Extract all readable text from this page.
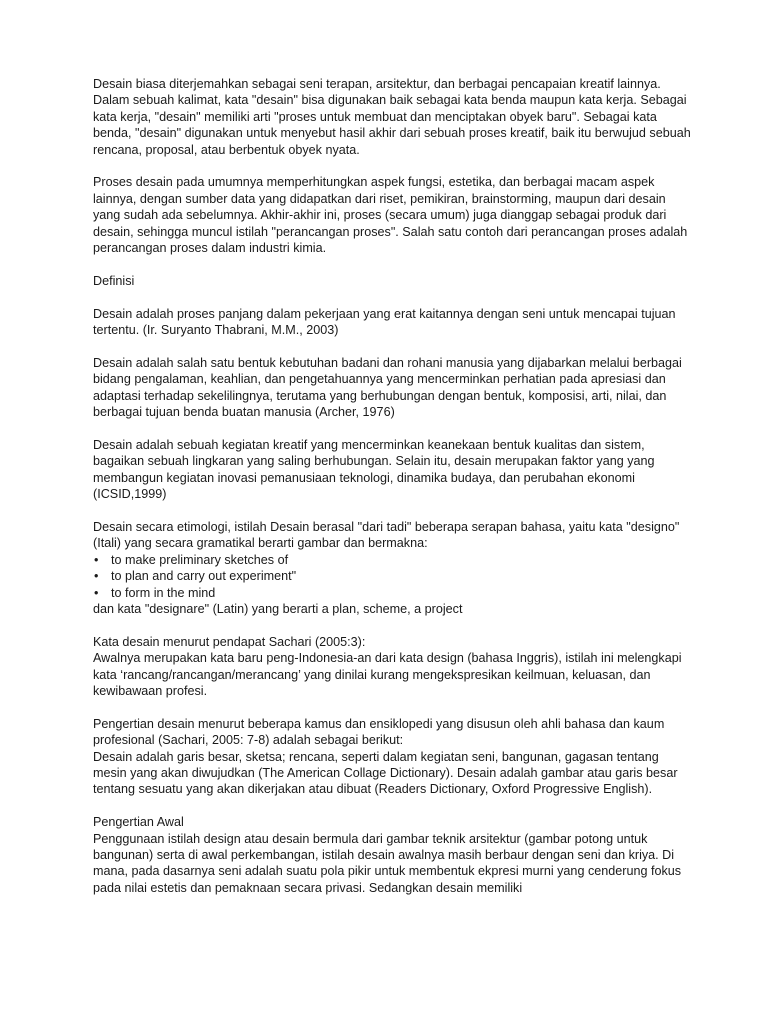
Desain biasa diterjemahkan sebagai seni terapan, arsitektur, dan berbagai pencapaian kreatif lainnya. Dalam sebuah kalimat, kata "desain" bisa digunakan baik sebagai kata benda maupun kata kerja. Sebagai kata kerja, "desain" memiliki arti "proses untuk membuat dan menciptakan obyek baru". Sebagai kata benda, "desain" digunakan untuk menyebut hasil akhir dari sebuah proses kreatif, baik itu berwujud sebuah rencana, proposal, atau berbentuk obyek nyata.

Proses desain pada umumnya memperhitungkan aspek fungsi, estetika, dan berbagai macam aspek lainnya, dengan sumber data yang didapatkan dari riset, pemikiran, brainstorming, maupun dari desain yang sudah ada sebelumnya. Akhir-akhir ini, proses (secara umum) juga dianggap sebagai produk dari desain, sehingga muncul istilah "perancangan proses". Salah satu contoh dari perancangan proses adalah perancangan proses dalam industri kimia.

Definisi

Desain adalah proses panjang dalam pekerjaan yang erat kaitannya dengan seni untuk mencapai tujuan tertentu. (Ir. Suryanto Thabrani, M.M., 2003)

Desain adalah salah satu bentuk kebutuhan badani dan rohani manusia yang dijabarkan melalui berbagai bidang pengalaman, keahlian, dan pengetahuannya yang mencerminkan perhatian pada apresiasi dan adaptasi terhadap sekelilingnya, terutama yang berhubungan dengan bentuk, komposisi, arti, nilai, dan berbagai tujuan benda buatan manusia (Archer, 1976)

Desain adalah sebuah kegiatan kreatif yang mencerminkan keanekaan bentuk kualitas dan sistem, bagaikan sebuah lingkaran yang saling berhubungan. Selain itu, desain merupakan faktor yang yang membangun kegiatan inovasi pemanusiaan teknologi, dinamika budaya, dan perubahan ekonomi (ICSID,1999)

Desain secara etimologi, istilah Desain berasal "dari tadi" beberapa serapan bahasa, yaitu kata "designo" (Itali) yang secara gramatikal berarti gambar dan bermakna:

• to make preliminary sketches of
• to plan and carry out experiment"
• to form in the mind

dan kata "designare" (Latin) yang berarti a plan, scheme, a project

Kata desain menurut pendapat Sachari (2005:3):

Awalnya merupakan kata baru peng-Indonesia-an dari kata design (bahasa Inggris), istilah ini melengkapi kata ‘rancang/rancangan/merancang’ yang dinilai kurang mengekspresikan keilmuan, keluasan, dan kewibawaan profesi.

Pengertian desain menurut beberapa kamus dan ensiklopedi yang disusun oleh ahli bahasa dan kaum profesional (Sachari, 2005: 7-8) adalah sebagai berikut:

Desain adalah garis besar, sketsa; rencana, seperti dalam kegiatan seni, bangunan, gagasan tentang mesin yang akan diwujudkan (The American Collage Dictionary). Desain adalah gambar atau garis besar tentang sesuatu yang akan dikerjakan atau dibuat (Readers Dictionary, Oxford Progressive English).

Pengertian Awal

Penggunaan istilah design atau desain bermula dari gambar teknik arsitektur (gambar potong untuk bangunan) serta di awal perkembangan, istilah desain awalnya masih berbaur dengan seni dan kriya. Di mana, pada dasarnya seni adalah suatu pola pikir untuk membentuk ekpresi murni yang cenderung fokus pada nilai estetis dan pemaknaan secara privasi. Sedangkan desain memiliki
